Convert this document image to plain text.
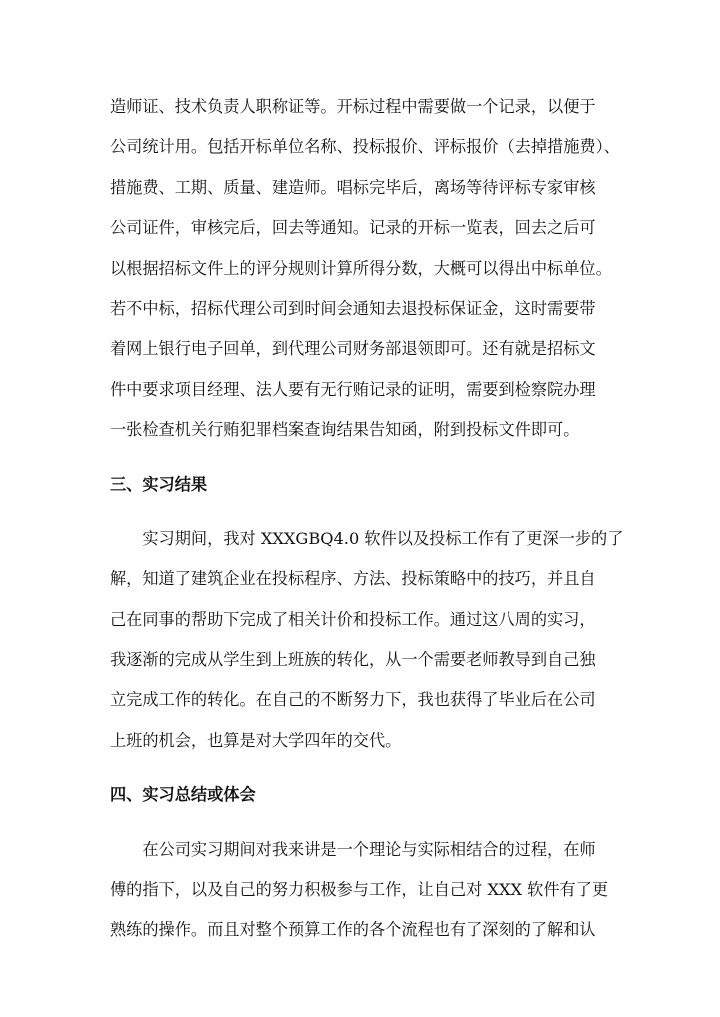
造师证、技术负责人职称证等。开标过程中需要做一个记录，以便于
公司统计用。包括开标单位名称、投标报价、评标报价（去掉措施费）、
措施费、工期、质量、建造师。唱标完毕后，离场等待评标专家审核
公司证件，审核完后，回去等通知。记录的开标一览表，回去之后可
以根据招标文件上的评分规则计算所得分数，大概可以得出中标单位。
若不中标，招标代理公司到时间会通知去退投标保证金，这时需要带
着网上银行电子回单，到代理公司财务部退领即可。还有就是招标文
件中要求项目经理、法人要有无行贿记录的证明，需要到检察院办理
一张检查机关行贿犯罪档案查询结果告知函，附到投标文件即可。
三、实习结果
　　实习期间，我对 XXXGBQ4.0 软件以及投标工作有了更深一步的了
解，知道了建筑企业在投标程序、方法、投标策略中的技巧，并且自
己在同事的帮助下完成了相关计价和投标工作。通过这八周的实习，
我逐渐的完成从学生到上班族的转化，从一个需要老师教导到自己独
立完成工作的转化。在自己的不断努力下，我也获得了毕业后在公司
上班的机会，也算是对大学四年的交代。
四、实习总结或体会
　　在公司实习期间对我来讲是一个理论与实际相结合的过程，在师
傅的指下，以及自己的努力积极参与工作，让自己对 XXX 软件有了更
熟练的操作。而且对整个预算工作的各个流程也有了深刻的了解和认
